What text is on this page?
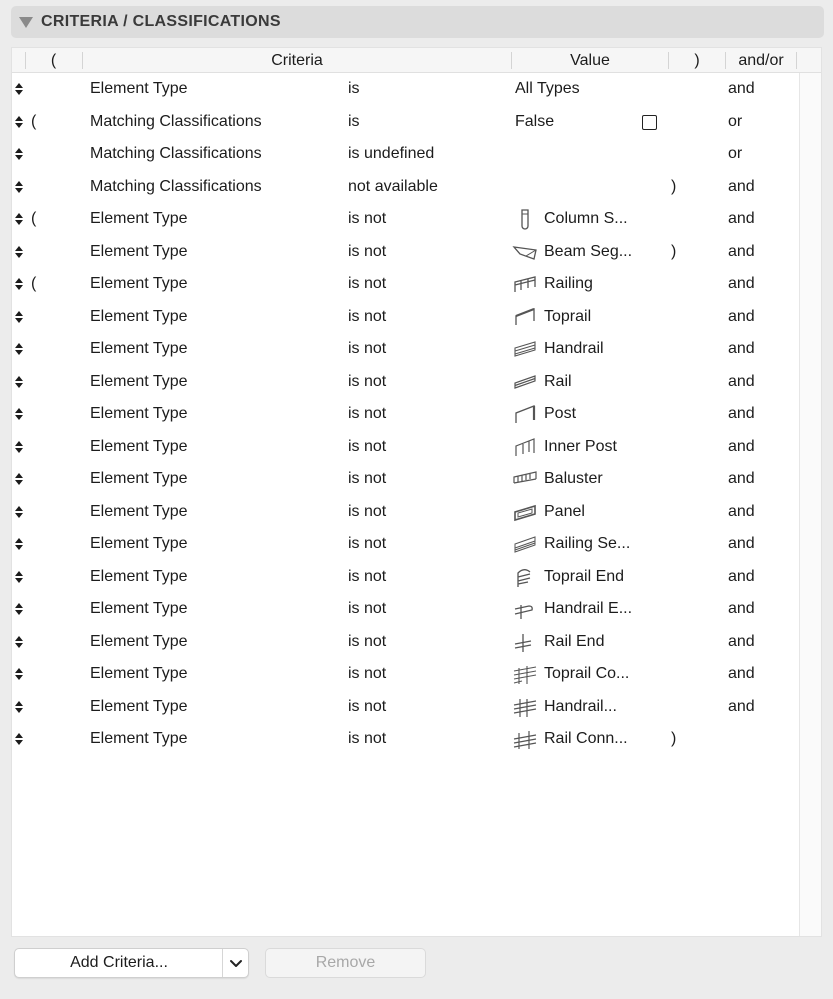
CRITERIA / CLASSIFICATIONS
(	Criteria	Value	)	and/or
Element Type	is	All Types	and
(	Matching Classifications	is	False	or
Matching Classifications	is undefined	or
Matching Classifications	not available	)	and
(	Element Type	is not	Column S...	and
Element Type	is not	Beam Seg... )	and
(	Element Type	is not	Railing	and
Element Type	is not	Toprail	and
Element Type	is not	Handrail	and
Element Type	is not	Rail	and
Element Type	is not	Post	and
Element Type	is not	Inner Post	and
Element Type	is not	Baluster	and
Element Type	is not	Panel	and
Element Type	is not	Railing Se...	and
Element Type	is not	Toprail End	and
Element Type	is not	Handrail E...	and
Element Type	is not	Rail End	and
Element Type	is not	Toprail Co...	and
Element Type	is not	Handrail...	and
Element Type	is not	Rail Conn...	)
Add Criteria...	Remove
